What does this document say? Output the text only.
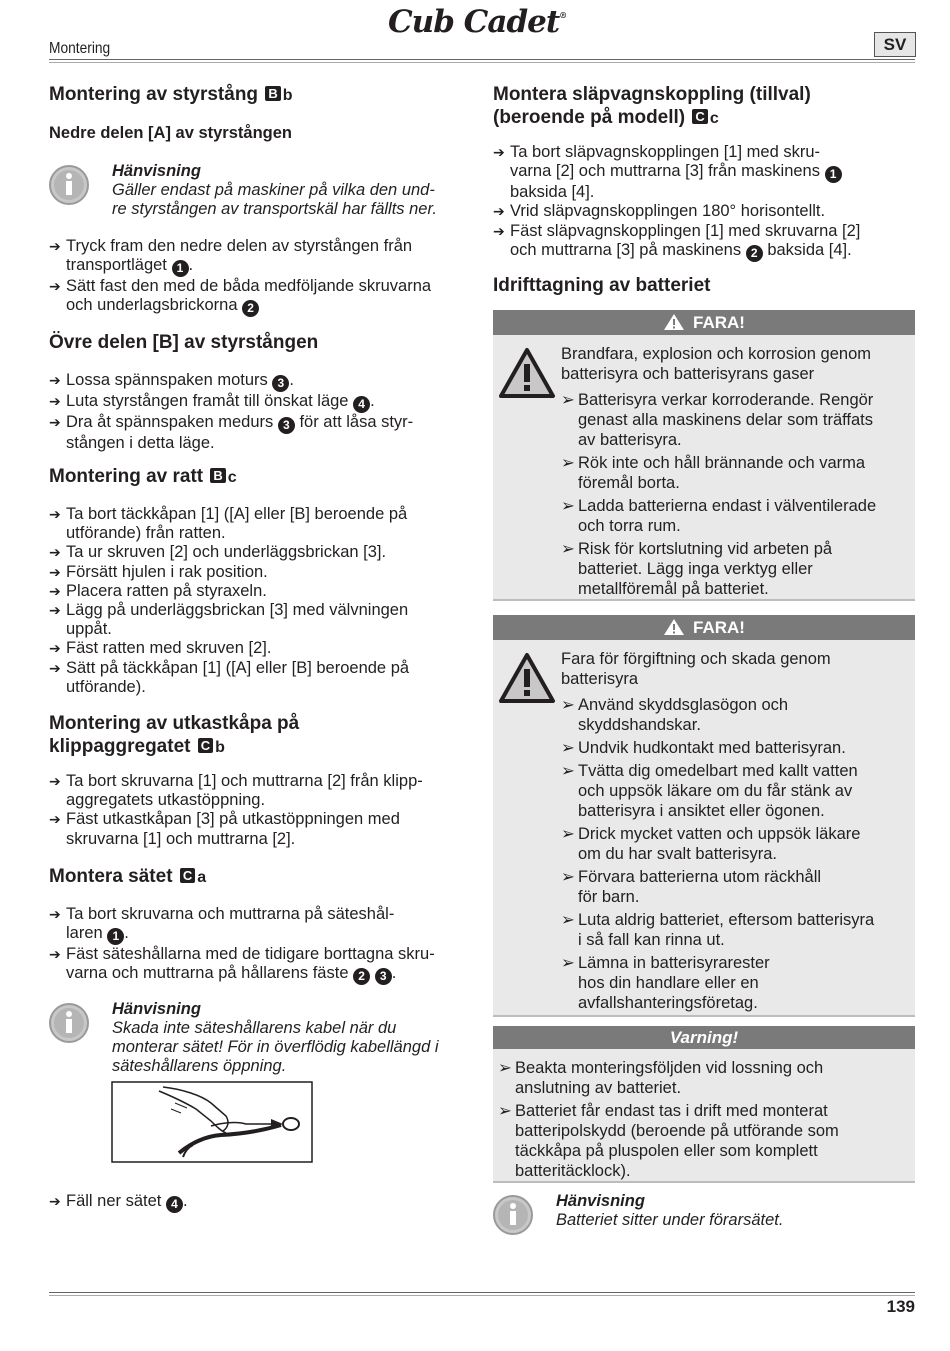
Cub Cadet®
Montering	SV
Montering av styrstång B b
Nedre delen [A] av styrstången
Hänvisning
Gäller endast på maskiner på vilka den und-
re styrstången av transportskäl har fällts ner.
➔ Tryck fram den nedre delen av styrstången från
transportläget 1 .
➔ Sätt fast den med de båda medföljande skruvarna
och underlagsbrickorna 2
Övre delen [B] av styrstången
➔ Lossa spännspaken moturs 3 .
➔ Luta styrstången framåt till önskat läge 4 .
➔ Dra åt spännspaken medurs 3 för att låsa styr-
stången i detta läge.
Montering av ratt B c
➔ Ta bort täckkåpan [1] ([A] eller [B] beroende på
utförande) från ratten.
➔ Ta ur skruven [2] och underläggsbrickan [3].
➔ Försätt hjulen i rak position.
➔ Placera ratten på styraxeln.
➔ Lägg på underläggsbrickan [3] med välvningen
uppåt.
➔ Fäst ratten med skruven [2].
➔ Sätt på täckkåpan [1] ([A] eller [B] beroende på
utförande).
Montering av utkastkåpa på
klippaggregatet C b
➔ Ta bort skruvarna [1] och muttrarna [2] från klipp-
aggregatets utkastöppning.
➔ Fäst utkastkåpan [3] på utkastöppningen med
skruvarna [1] och muttrarna [2].
Montera sätet C a
➔ Ta bort skruvarna och muttrarna på säteshål-
laren 1 .
➔ Fäst säteshållarna med de tidigare borttagna skru-
varna och muttrarna på hållarens fäste 2 3 .
Hänvisning
Skada inte säteshållarens kabel när du
monterar sätet! För in överflödig kabellängd i
säteshållarens öppning.
➔ Fäll ner sätet 4 .
Montera släpvagnskoppling (tillval)
(beroende på modell) C c
➔ Ta bort släpvagnskopplingen [1] med skru-
varna [2] och muttrarna [3] från maskinens 1
baksida [4].
➔ Vrid släpvagnskopplingen 180° horisontellt.
➔ Fäst släpvagnskopplingen [1] med skruvarna [2]
och muttrarna [3] på maskinens 2 baksida [4].
Idrifttagning av batteriet
FARA!
Brandfara, explosion och korrosion genom
batterisyra och batterisyrans gaser
➢ Batterisyra verkar korroderande. Rengör
genast alla maskinens delar som träffats
av batterisyra.
➢ Rök inte och håll brännande och varma
föremål borta.
➢ Ladda batterierna endast i välventilerade
och torra rum.
➢ Risk för kortslutning vid arbeten på
batteriet. Lägg inga verktyg eller
metallföremål på batteriet.
FARA!
Fara för förgiftning och skada genom
batterisyra
➢ Använd skyddsglasögon och
skyddshandskar.
➢ Undvik hudkontakt med batterisyran.
➢ Tvätta dig omedelbart med kallt vatten
och uppsök läkare om du får stänk av
batterisyra i ansiktet eller ögonen.
➢ Drick mycket vatten och uppsök läkare
om du har svalt batterisyra.
➢ Förvara batterierna utom räckhåll
för barn.
➢ Luta aldrig batteriet, eftersom batterisyra
i så fall kan rinna ut.
➢ Lämna in batterisyrarester
hos din handlare eller en
avfallshanteringsföretag.
Varning!
➢ Beakta monteringsföljden vid lossning och
anslutning av batteriet.
➢ Batteriet får endast tas i drift med monterat
batteripolskydd (beroende på utförande som
täckkåpa på pluspolen eller som komplett
batteritäcklock).
Hänvisning
Batteriet sitter under förarsätet.
139
